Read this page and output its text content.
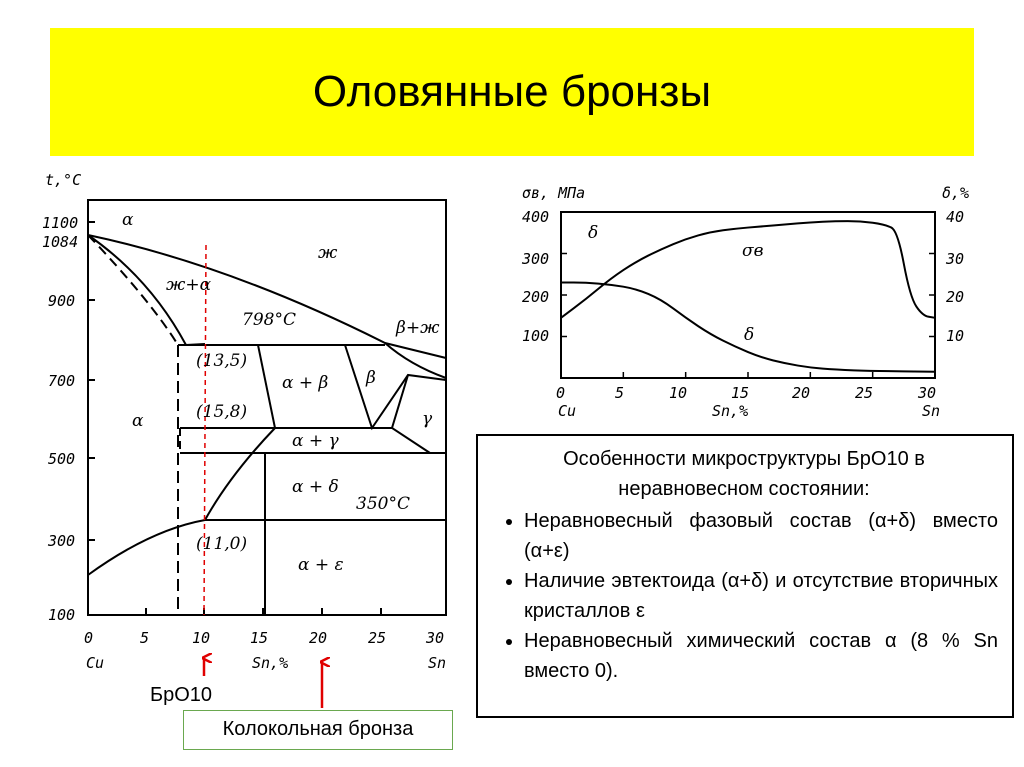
Оловянные бронзы
t,°C
1100
1084
900
700
500
300
100
0	5	10	15	20	25	30
Cu	Sn,%	Sn
α
ж
ж+α
798°C	β+ж
(13,5)
α + β β
(15,8)
α	γ
α + γ
α + δ
350°C
(11,0)
α + ε
σв, МПа	δ,%
400
300
200
100
40
30
20
10
0	5	10	15	20	25	30
Cu	Sn,%	Sn
δ
σв
δ
Особенности микроструктуры БрО10 в неравновесном состоянии:
• Неравновесный фазовый состав (α+δ) вместо (α+ε)
• Наличие эвтектоида (α+δ) и отсутствие вторичных кристаллов ε
• Неравновесный химический состав α (8 % Sn вместо 0).
БрО10
Колокольная бронза
